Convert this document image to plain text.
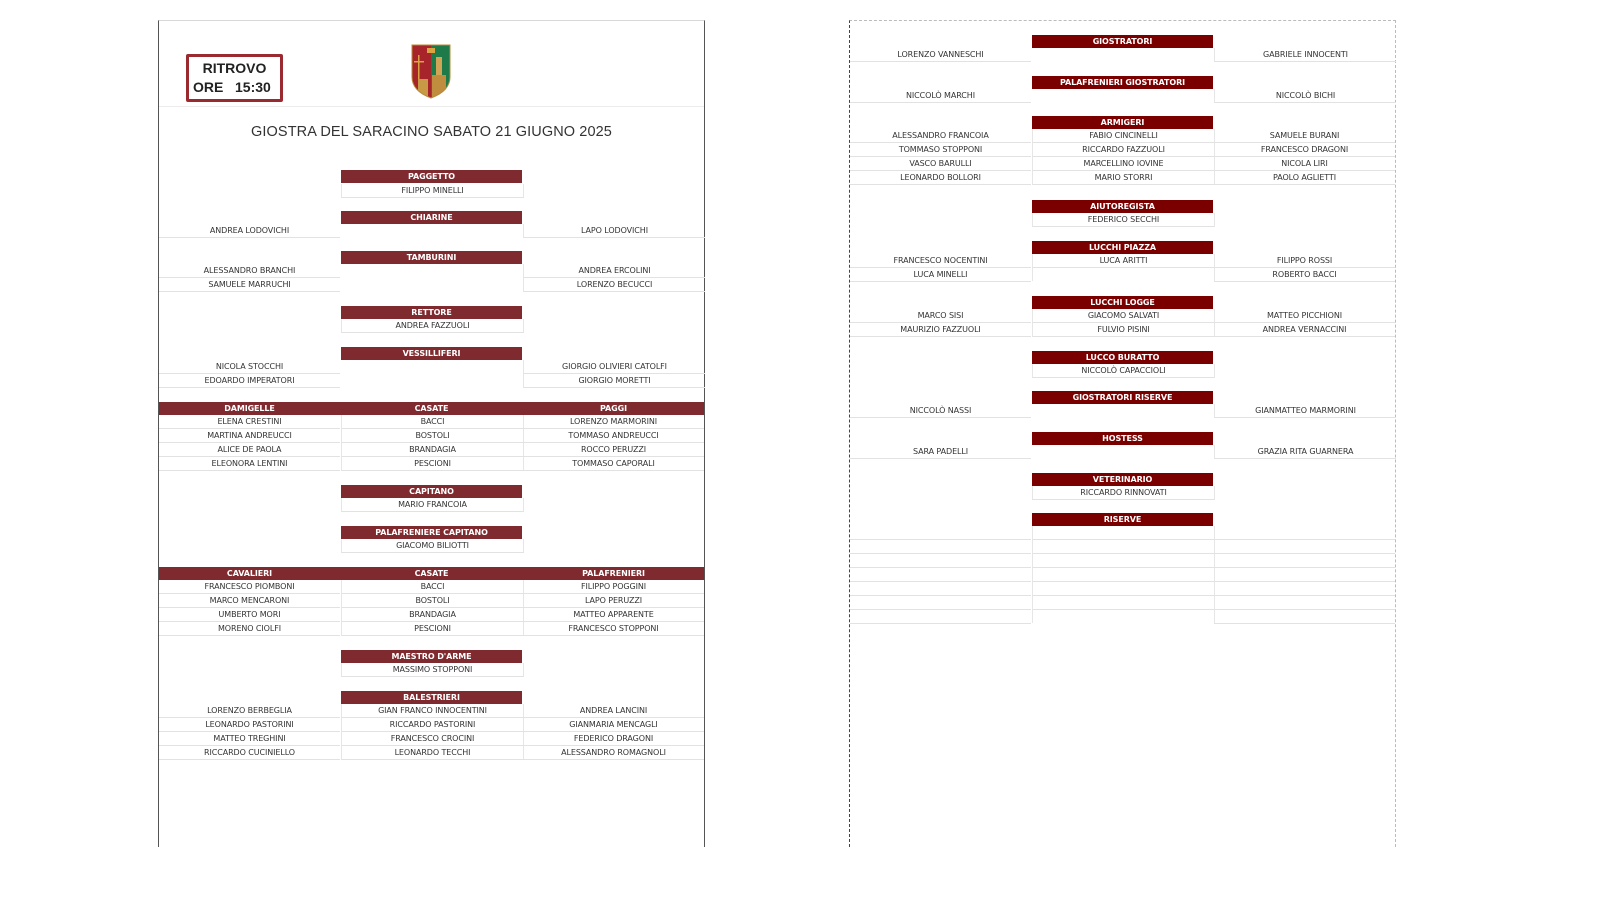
RITROVO
ORE   15:30
GIOSTRA DEL SARACINO SABATO 21 GIUGNO 2025
PAGGETTO
FILIPPO MINELLI
CHIARINE
ANDREA LODOVICHI	LAPO LODOVICHI
TAMBURINI
ALESSANDRO BRANCHI	ANDREA ERCOLINI
SAMUELE MARRUCHI	LORENZO BECUCCI
RETTORE
ANDREA FAZZUOLI
VESSILLIFERI
NICOLA STOCCHI	GIORGIO OLIVIERI CATOLFI
EDOARDO IMPERATORI	GIORGIO MORETTI
DAMIGELLE	CASATE	PAGGI
ELENA CRESTINI	BACCI	LORENZO MARMORINI
MARTINA ANDREUCCI	BOSTOLI	TOMMASO ANDREUCCI
ALICE DE PAOLA	BRANDAGIA	ROCCO PERUZZI
ELEONORA LENTINI	PESCIONI	TOMMASO CAPORALI
CAPITANO
MARIO FRANCOIA
PALAFRENIERE CAPITANO
GIACOMO BILIOTTI
CAVALIERI	CASATE	PALAFRENIERI
FRANCESCO PIOMBONI	BACCI	FILIPPO POGGINI
MARCO MENCARONI	BOSTOLI	LAPO PERUZZI
UMBERTO MORI	BRANDAGIA	MATTEO APPARENTE
MORENO CIOLFI	PESCIONI	FRANCESCO STOPPONI
MAESTRO D'ARME
MASSIMO STOPPONI
BALESTRIERI
LORENZO BERBEGLIA	GIAN FRANCO INNOCENTINI	ANDREA LANCINI
LEONARDO PASTORINI	RICCARDO PASTORINI	GIANMARIA MENCAGLI
MATTEO TREGHINI	FRANCESCO CROCINI	FEDERICO DRAGONI
RICCARDO CUCINIELLO	LEONARDO TECCHI	ALESSANDRO ROMAGNOLI
GIOSTRATORI
LORENZO VANNESCHI	GABRIELE INNOCENTI
PALAFRENIERI GIOSTRATORI
NICCOLÒ MARCHI	NICCOLÒ BICHI
ARMIGERI
ALESSANDRO FRANCOIA	FABIO CINCINELLI	SAMUELE BURANI
TOMMASO STOPPONI	RICCARDO FAZZUOLI	FRANCESCO DRAGONI
VASCO BARULLI	MARCELLINO IOVINE	NICOLA LIRI
LEONARDO BOLLORI	MARIO STORRI	PAOLO AGLIETTI
AIUTOREGISTA
FEDERICO SECCHI
LUCCHI PIAZZA
FRANCESCO NOCENTINI	LUCA ARITTI	FILIPPO ROSSI
LUCA MINELLI	ROBERTO BACCI
LUCCHI LOGGE
MARCO SISI	GIACOMO SALVATI	MATTEO PICCHIONI
MAURIZIO FAZZUOLI	FULVIO PISINI	ANDREA VERNACCINI
LUCCO BURATTO
NICCOLÒ CAPACCIOLI
GIOSTRATORI RISERVE
NICCOLÒ NASSI	GIANMATTEO MARMORINI
HOSTESS
SARA PADELLI	GRAZIA RITA GUARNERA
VETERINARIO
RICCARDO RINNOVATI
RISERVE
